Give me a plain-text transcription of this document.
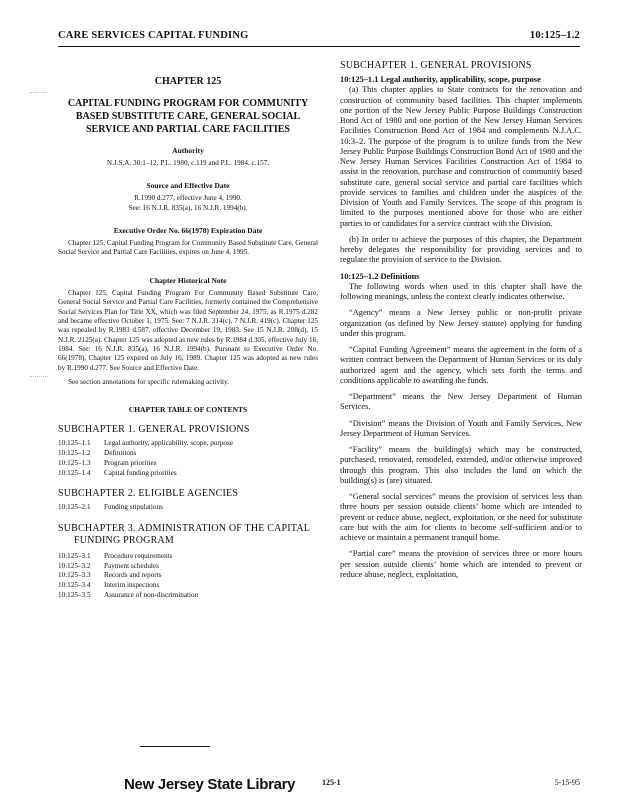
CARE SERVICES CAPITAL FUNDING	10:125–1.2
CHAPTER 125
CAPITAL FUNDING PROGRAM FOR COMMUNITY BASED SUBSTITUTE CARE, GENERAL SOCIAL SERVICE AND PARTIAL CARE FACILITIES
Authority
N.J.S.A. 30:1–12, P.L. 1980, c.119 and P.L. 1984, c.157.
Source and Effective Date
R.1990 d.277, effective June 4, 1990.
See: 16 N.J.R. 835(a), 16 N.J.R. 1994(b).
Executive Order No. 66(1978) Expiration Date
Chapter 125, Capital Funding Program for Community Based Substitute Care, General Social Service and Partial Care Facilities, expires on June 4, 1995.
Chapter Historical Note
Chapter 125, Capital Funding Program For Community Based Substitute Care, General Social Service and Partial Care Facilities, formerly contained the Comprehensive Social Services Plan for Title XX, which was filed September 24, 1975, as R.1975 d.282 and became effective October 1, 1975. See: 7 N.J.R. 314(c), 7 N.J.R. 419(c). Chapter 125 was repealed by R.1983 d.587, effective December 19, 1983. See 15 N.J.R. 208(d), 15 N.J.R. 2125(a). Chapter 125 was adopted as new rules by R.1984 d.305, effective July 16, 1984. See: 16 N.J.R. 835(a), 16 N.J.R. 1994(b). Pursuant to Executive Order No. 66(1978), Chapter 125 expired on July 16, 1989. Chapter 125 was adopted as new rules by R.1990 d.277. See Source and Effective Date.
See section annotations for specific rulemaking activity.
CHAPTER TABLE OF CONTENTS
SUBCHAPTER 1. GENERAL PROVISIONS
10:125–1.1	Legal authority, applicability, scope, purpose
10:125–1.2	Definitions
10:125–1.3	Program priorities
10:125–1.4	Capital funding priorities
SUBCHAPTER 2. ELIGIBLE AGENCIES
10:125–2.1	Funding stipulations
SUBCHAPTER 3. ADMINISTRATION OF THE CAPITAL
FUNDING PROGRAM
10:125–3.1	Procedure requirements
10:125–3.2	Payment schedules
10:125–3.3	Records and reports
10:125–3.4	Interim inspections
10:125–3.5	Assurance of non-discrimination
SUBCHAPTER 1. GENERAL PROVISIONS
10:125–1.1 Legal authority, applicability, scope, purpose

(a) This chapter applies to State contracts for the renovation and construction of community based facilities. This chapter implements one portion of the New Jersey Public Purpose Buildings Construction Bond Act of 1980 and one portion of the New Jersey Human Services Facilities Construction Bond Act of 1984 and complements N.J.A.C. 10:3–2. The purpose of the program is to utilize funds from the New Jersey Public Purpose Buildings Construction Bond Act of 1980 and the New Jersey Human Services Facilities Construction Act of 1984 to assist in the renovation, purchase and construction of community based substitute care, general social service and partial care facilities which provide services to families and children under the auspices of the Division of Youth and Family Services. The scope of this program is limited to the purposes mentioned above for those who are either parties to or candidates for a service contract with the Division.

(b) In order to achieve the purposes of this chapter, the Department hereby delegates the responsibility for providing services and to regulate the provision of service to the Division.

10:125–1.2 Definitions

The following words when used in this chapter shall have the following meanings, unless the context clearly indicates otherwise.

“Agency” means a New Jersey public or non-profit private organization (as defined by New Jersey statute) applying for funding under this program.

“Capital Funding Agreement” means the agreement in the form of a written contract between the Department of Human Services or its duly authorized agent and the agency, which sets forth the terms and conditions applicable to awarding the funds.

“Department” means the New Jersey Department of Human Services.

“Division” means the Division of Youth and Family Services, New Jersey Department of Human Services.

“Facility” means the building(s) which may be constructed, purchased, renovated, remodeled, extended, and/or otherwise improved through this program. This also includes the land on which the building(s) is (are) situated.

“General social services” means the provision of services less than three hours per session outside clients’ home which are intended to prevent or reduce abuse, neglect, exploitation, or the need for substitute care but with the aim for clients to become self-sufficient and/or to achieve or maintain a permanent tranquil home.

“Partial care” means the provision of services three or more hours per session outside clients’ home which are intended to prevent or reduce abuse, neglect, exploitation,

New Jersey State Library	125-1	5-15-95
